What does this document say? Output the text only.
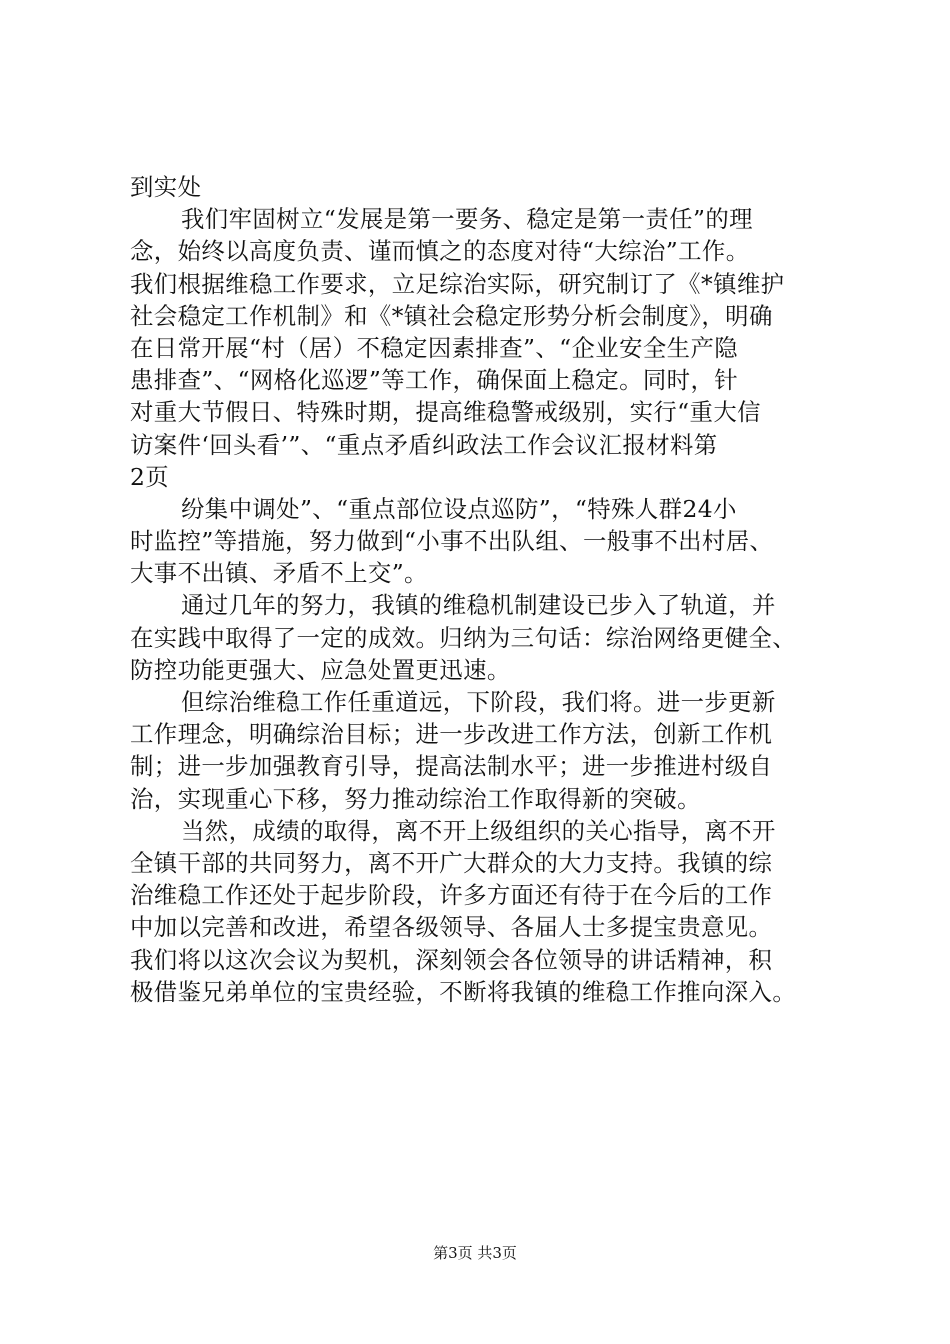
到实处
我们牢固树立“发展是第一要务、稳定是第一责任”的理
念，始终以高度负责、谨而慎之的态度对待“大综治”工作。
我们根据维稳工作要求，立足综治实际，研究制订了《*镇维护
社会稳定工作机制》和《*镇社会稳定形势分析会制度》，明确
在日常开展“村（居）不稳定因素排查”、“企业安全生产隐
患排查”、“网格化巡逻”等工作，确保面上稳定。同时，针
对重大节假日、特殊时期，提高维稳警戒级别，实行“重大信
访案件‘回头看’”、“重点矛盾纠政法工作会议汇报材料第
2页
纷集中调处”、“重点部位设点巡防”，“特殊人群24小
时监控”等措施，努力做到“小事不出队组、一般事不出村居、
大事不出镇、矛盾不上交”。
通过几年的努力，我镇的维稳机制建设已步入了轨道，并
在实践中取得了一定的成效。归纳为三句话：综治网络更健全、
防控功能更强大、应急处置更迅速。
但综治维稳工作任重道远，下阶段，我们将。进一步更新
工作理念，明确综治目标；进一步改进工作方法，创新工作机
制；进一步加强教育引导，提高法制水平；进一步推进村级自
治，实现重心下移，努力推动综治工作取得新的突破。
当然，成绩的取得，离不开上级组织的关心指导，离不开
全镇干部的共同努力，离不开广大群众的大力支持。我镇的综
治维稳工作还处于起步阶段，许多方面还有待于在今后的工作
中加以完善和改进，希望各级领导、各届人士多提宝贵意见。
我们将以这次会议为契机，深刻领会各位领导的讲话精神，积
极借鉴兄弟单位的宝贵经验，不断将我镇的维稳工作推向深入。
第3页 共3页
